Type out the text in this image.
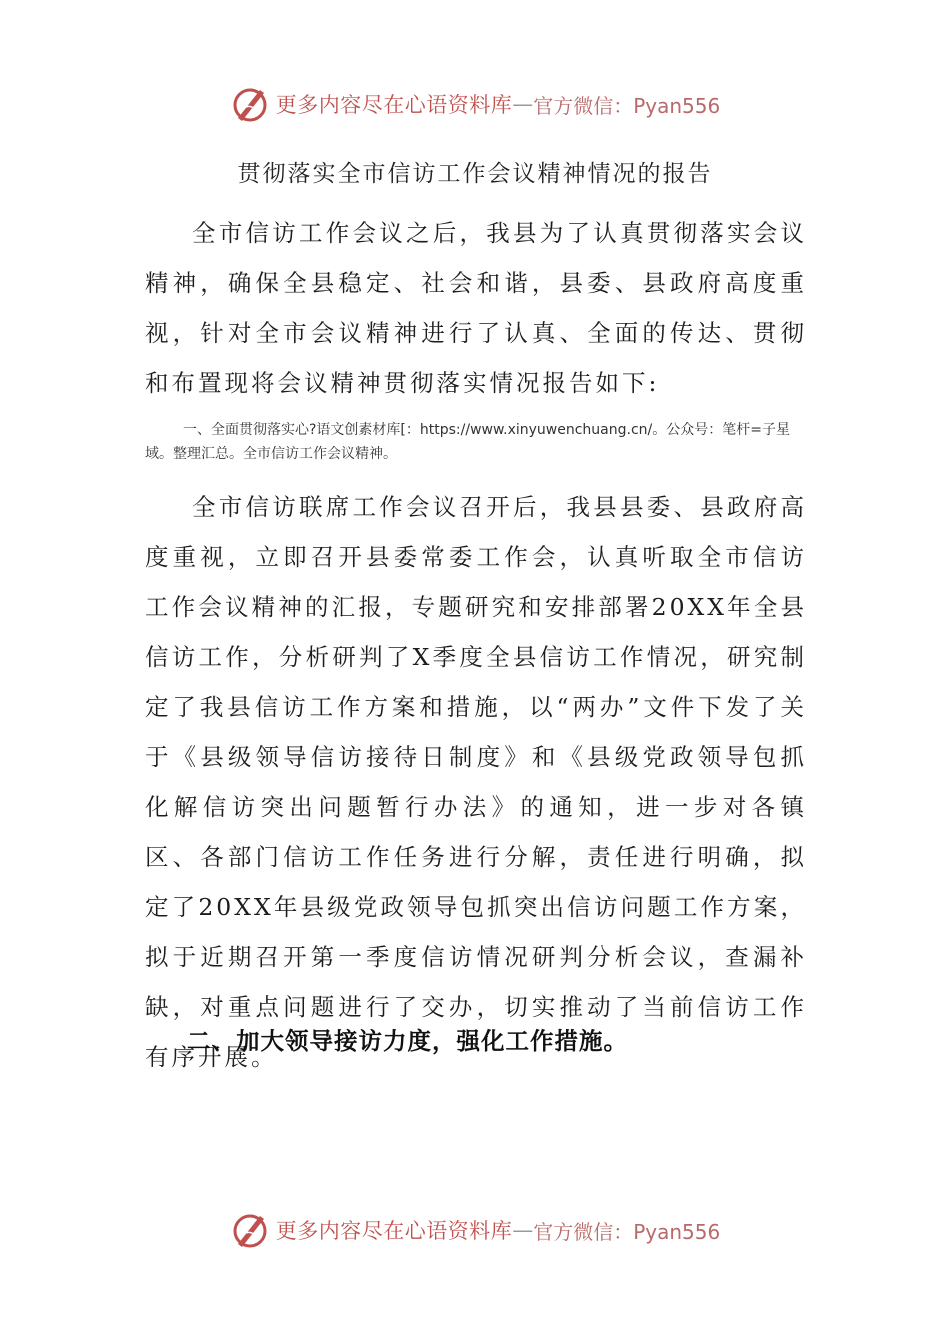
更多内容尽在心语资料库 — 官方微信：Pyan556
贯彻落实全市信访工作会议精神情况的报告

全市信访工作会议之后，我县为了认真贯彻落实会议精神，确保全县稳定、社会和谐，县委、县政府高度重视，针对全市会议精神进行了认真、全面的传达、贯彻和布置现将会议精神贯彻落实情况报告如下:

一、全面贯彻落实心?语文创素材库[：https://www.xinyuwenchuang.cn/。公众号：笔杆=子星域。整理汇总。全市信访工作会议精神。

全市信访联席工作会议召开后，我县县委、县政府高度重视，立即召开县委常委工作会，认真听取全市信访工作会议精神的汇报，专题研究和安排部署20XX年全县信访工作，分析研判了X季度全县信访工作情况，研究制定了我县信访工作方案和措施，以“两办”文件下发了关于《县级领导信访接待日制度》和《县级党政领导包抓化解信访突出问题暂行办法》的通知，进一步对各镇区、各部门信访工作任务进行分解，责任进行明确，拟定了20XX年县级党政领导包抓突出信访问题工作方案，拟于近期召开第一季度信访情况研判分析会议，查漏补缺，对重点问题进行了交办，切实推动了当前信访工作有序开展。

二、加大领导接访力度，强化工作措施。

更多内容尽在心语资料库 — 官方微信：Pyan556
